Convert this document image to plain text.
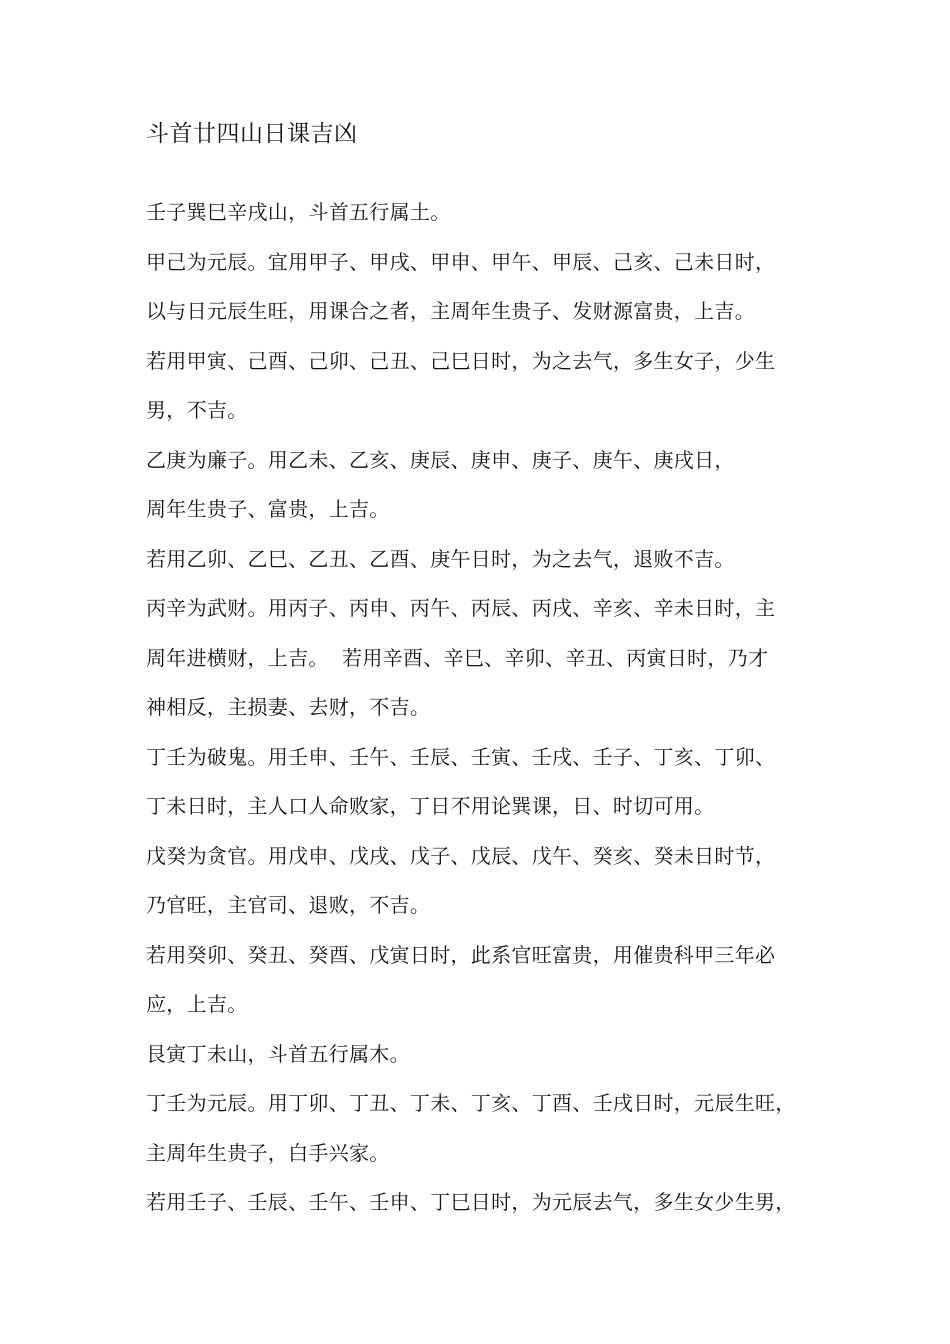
斗首廿四山日课吉凶
壬子巽巳辛戌山，斗首五行属土。
甲己为元辰。宜用甲子、甲戌、甲申、甲午、甲辰、己亥、己未日时，
以与日元辰生旺，用课合之者，主周年生贵子、发财源富贵，上吉。
若用甲寅、己酉、己卯、己丑、己巳日时，为之去气，多生女子，少生
男，不吉。
乙庚为廉子。用乙未、乙亥、庚辰、庚申、庚子、庚午、庚戌日，
周年生贵子、富贵，上吉。
若用乙卯、乙巳、乙丑、乙酉、庚午日时，为之去气，退败不吉。
丙辛为武财。用丙子、丙申、丙午、丙辰、丙戌、辛亥、辛未日时，主
周年进横财，上吉。  若用辛酉、辛巳、辛卯、辛丑、丙寅日时，乃才
神相反，主损妻、去财，不吉。
丁壬为破鬼。用壬申、壬午、壬辰、壬寅、壬戌、壬子、丁亥、丁卯、
丁未日时，主人口人命败家，丁日不用论巽课，日、时切可用。
戊癸为贪官。用戊申、戊戌、戊子、戊辰、戊午、癸亥、癸未日时节，
乃官旺，主官司、退败，不吉。
若用癸卯、癸丑、癸酉、戊寅日时，此系官旺富贵，用催贵科甲三年必
应，上吉。
艮寅丁未山，斗首五行属木。
丁壬为元辰。用丁卯、丁丑、丁未、丁亥、丁酉、壬戌日时，元辰生旺，
主周年生贵子，白手兴家。
若用壬子、壬辰、壬午、壬申、丁巳日时，为元辰去气，多生女少生男，
